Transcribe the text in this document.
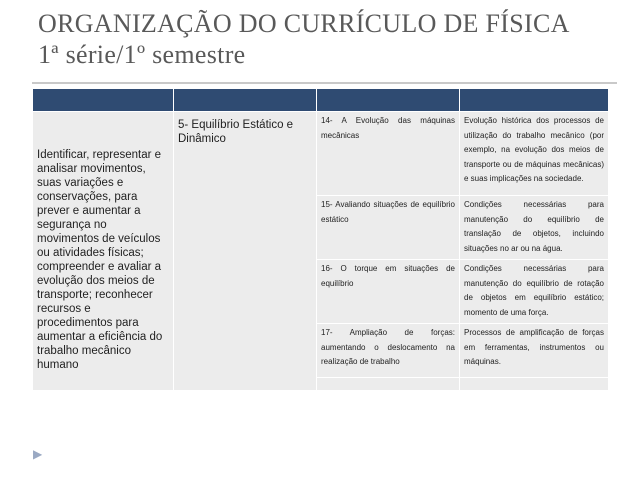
ORGANIZAÇÃO DO CURRÍCULO DE FÍSICA
1ª série/1º semestre

Identificar, representar e analisar movimentos, suas variações e conservações, para prever e aumentar a segurança no movimentos de veículos ou atividades físicas; compreender e avaliar a evolução dos meios de transporte; reconhecer recursos e procedimentos para aumentar a eficiência do trabalho mecânico humano	5- Equilíbrio Estático e Dinâmico	14- A Evolução das máquinas mecânicas	Evolução histórica dos processos de utilização do trabalho mecânico (por exemplo, na evolução dos meios de transporte ou de máquinas mecânicas) e suas implicações na sociedade.

		15- Avaliando situações de equilíbrio estático	Condições necessárias para manutenção do equilíbrio de translação de objetos, incluindo situações no ar ou na água.

		16- O torque em situações de equilíbrio	Condições necessárias para manutenção do equilíbrio de rotação de objetos em equilíbrio estático; momento de uma força.

		17- Ampliação de forças: aumentando o deslocamento na realização de trabalho	Processos de amplificação de forças em ferramentas, instrumentos ou máquinas.

▶
